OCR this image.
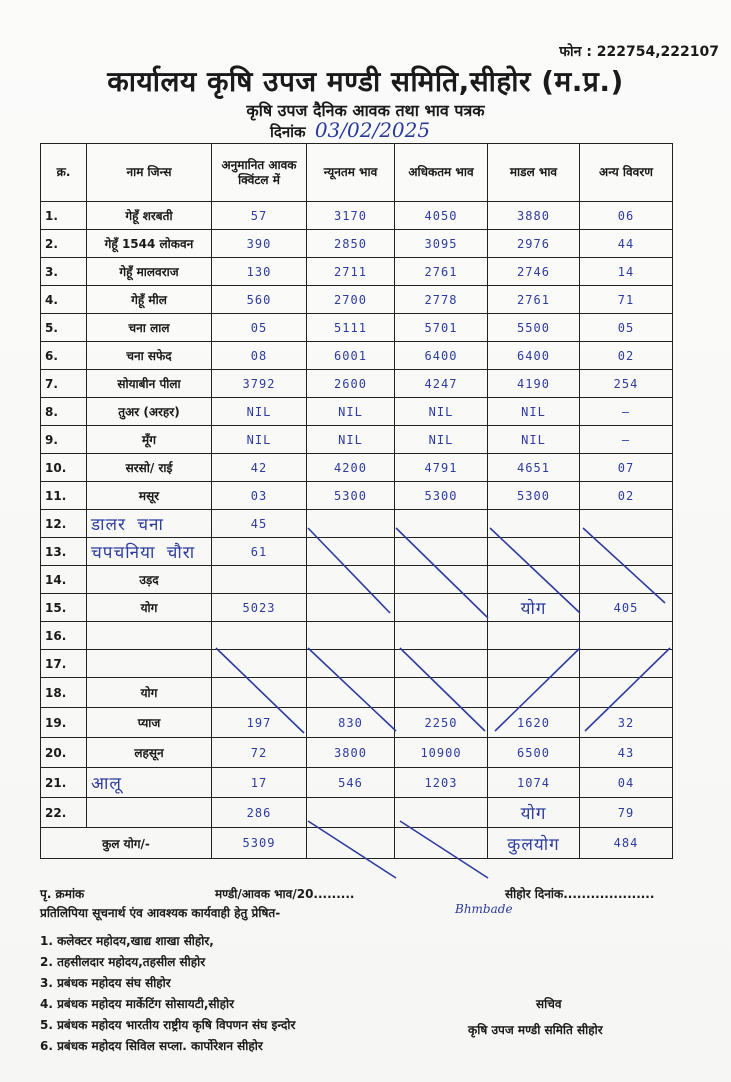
फोन : 222754,222107
कार्यालय कृषि उपज मण्डी समिति,सीहोर (म.प्र.)
कृषि उपज दैनिक आवक तथा भाव पत्रक
दिनांक 03/02/2025
क्र.	नाम जिन्स	अनुमानित आवक क्विंटल में	न्यूनतम भाव	अधिकतम भाव	माडल भाव	अन्य विवरण
1.	गेहूँ शरबती	57	3170	4050	3880	06
2.	गेहूँ 1544 लोकवन	390	2850	3095	2976	44
3.	गेहूँ मालवराज	130	2711	2761	2746	14
4.	गेहूँ मील	560	2700	2778	2761	71
5.	चना लाल	05	5111	5701	5500	05
6.	चना सफेद	08	6001	6400	6400	02
7.	सोयाबीन पीला	3792	2600	4247	4190	254
8.	तुअर (अरहर)	NIL	NIL	NIL	NIL	—
9.	मूँग	NIL	NIL	NIL	NIL	—
10.	सरसो/ राई	42	4200	4791	4651	07
11.	मसूर	03	5300	5300	5300	02
12.	डालर चना	45				
13.	चपचनिया चौरा	61				
14.	उड़द					
15.	योग	5023			योग	405
16.						
17.						
18.	योग					
19.	प्याज	197	830	2250	1620	32
20.	लहसून	72	3800	10900	6500	43
21.	आलू	17	546	1203	1074	04
22.		286			योग	79
कुल योग/-		5309			कुलयोग	484
पृ. क्रमांक	मण्डी/आवक भाव/20.........	सीहोर दिनांक....................
प्रतिलिपिया सूचनार्थ एंव आवश्यक कार्यवाही हेतु प्रेषित-	Bhmbade
1. कलेक्टर महोदय,खाद्य शाखा सीहोर,
2. तहसीलदार महोदय,तहसील सीहोर
3. प्रबंधक महोदय संघ सीहोर
4. प्रबंधक महोदय मार्केटिंग सोसायटी,सीहोर
5. प्रबंधक महोदय भारतीय राष्ट्रीय कृषि विपणन संघ इन्दोर
6. प्रबंधक महोदय सिविल सप्ला. कार्पोरेशन सीहोर
सचिव
कृषि उपज मण्डी समिति सीहोर
